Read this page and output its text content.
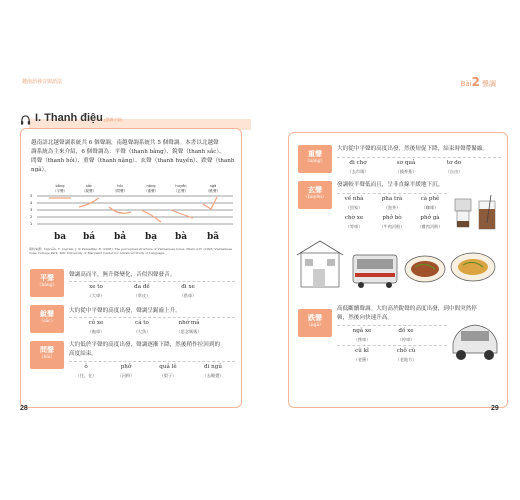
越南語發音與語法	Bài2 聲調
I. Thanh điệu (聲調介紹)
越南語北越聲調系統共 6 個聲調，南越聲調系統共 5 個聲調。本書以北越聲
調系統為主來介紹，6 個聲調為：平聲（thanh bằng）、銳聲（thanh sắc）、
問聲（thanh hỏi）、重聲（thanh nặng）、玄聲（thanh huyền）、跌聲（thanh
ngã）。
bằng
（平聲）
sắc
（銳聲）
hỏi
（問聲）
nặng
（重聲）
huyền
（玄聲）
ngã
（跌聲）
5
4
3
2
1
ba bá bả bạ bà bã
資料來源：Nguyễn, T., Ingram, J. & Pensalfini, R. (2008). The perceptual structure of Vietnamese tones. Pham A.H. (2003) Vietnamese Tone. College Park, MD: University of Maryland Center for Advanced Study of Language.
平聲
（bằng）
聲調高而平，無升降變化，音似四聲發音。
xe to
（大車）
đa đề
（草皮）
đi xe
（搭車）
銳聲
（sắc）
大約從中平聲的高度出發，聲調呈鋸齒上升。
cô xe
（拖車）
cá to
（大魚）
nhớ mả
（思念媽媽）
問聲
（hỏi）
大約低於平聲的高度出發，聲調逐漸下降，然後稍作拉回到的
高度結束。
ô
（住，在）
phở
（河粉）
quả lê
（梨子）
đi ngủ
（去睡覺）
重聲
（nặng）
大約從中平聲的高度出發，然後短促下降，結束時聲帶緊縮。
đi chợ
（去市場）
sơ quả
（摸香蕉）
tơ do
（自由）
玄聲
（huyền）
發調較平聲低而且，呈非直線平緩地下沉。
về nhà
（回家）
pha trà
（泡茶）
cà phê
（咖啡）
chờ xe
（等車）
phở bò
（牛肉河粉）
phở gà
（雞肉河粉）
跌聲
（ngã）
高低斷續聲調。大約高於銳聲的高度出發，到中間突然停
頓，然後向快速升高。
ngã xe
（摔車）
đồ xe
（停車）
cũ kĩ
（老舊）
chỗ cũ
（老地方）
28	29
